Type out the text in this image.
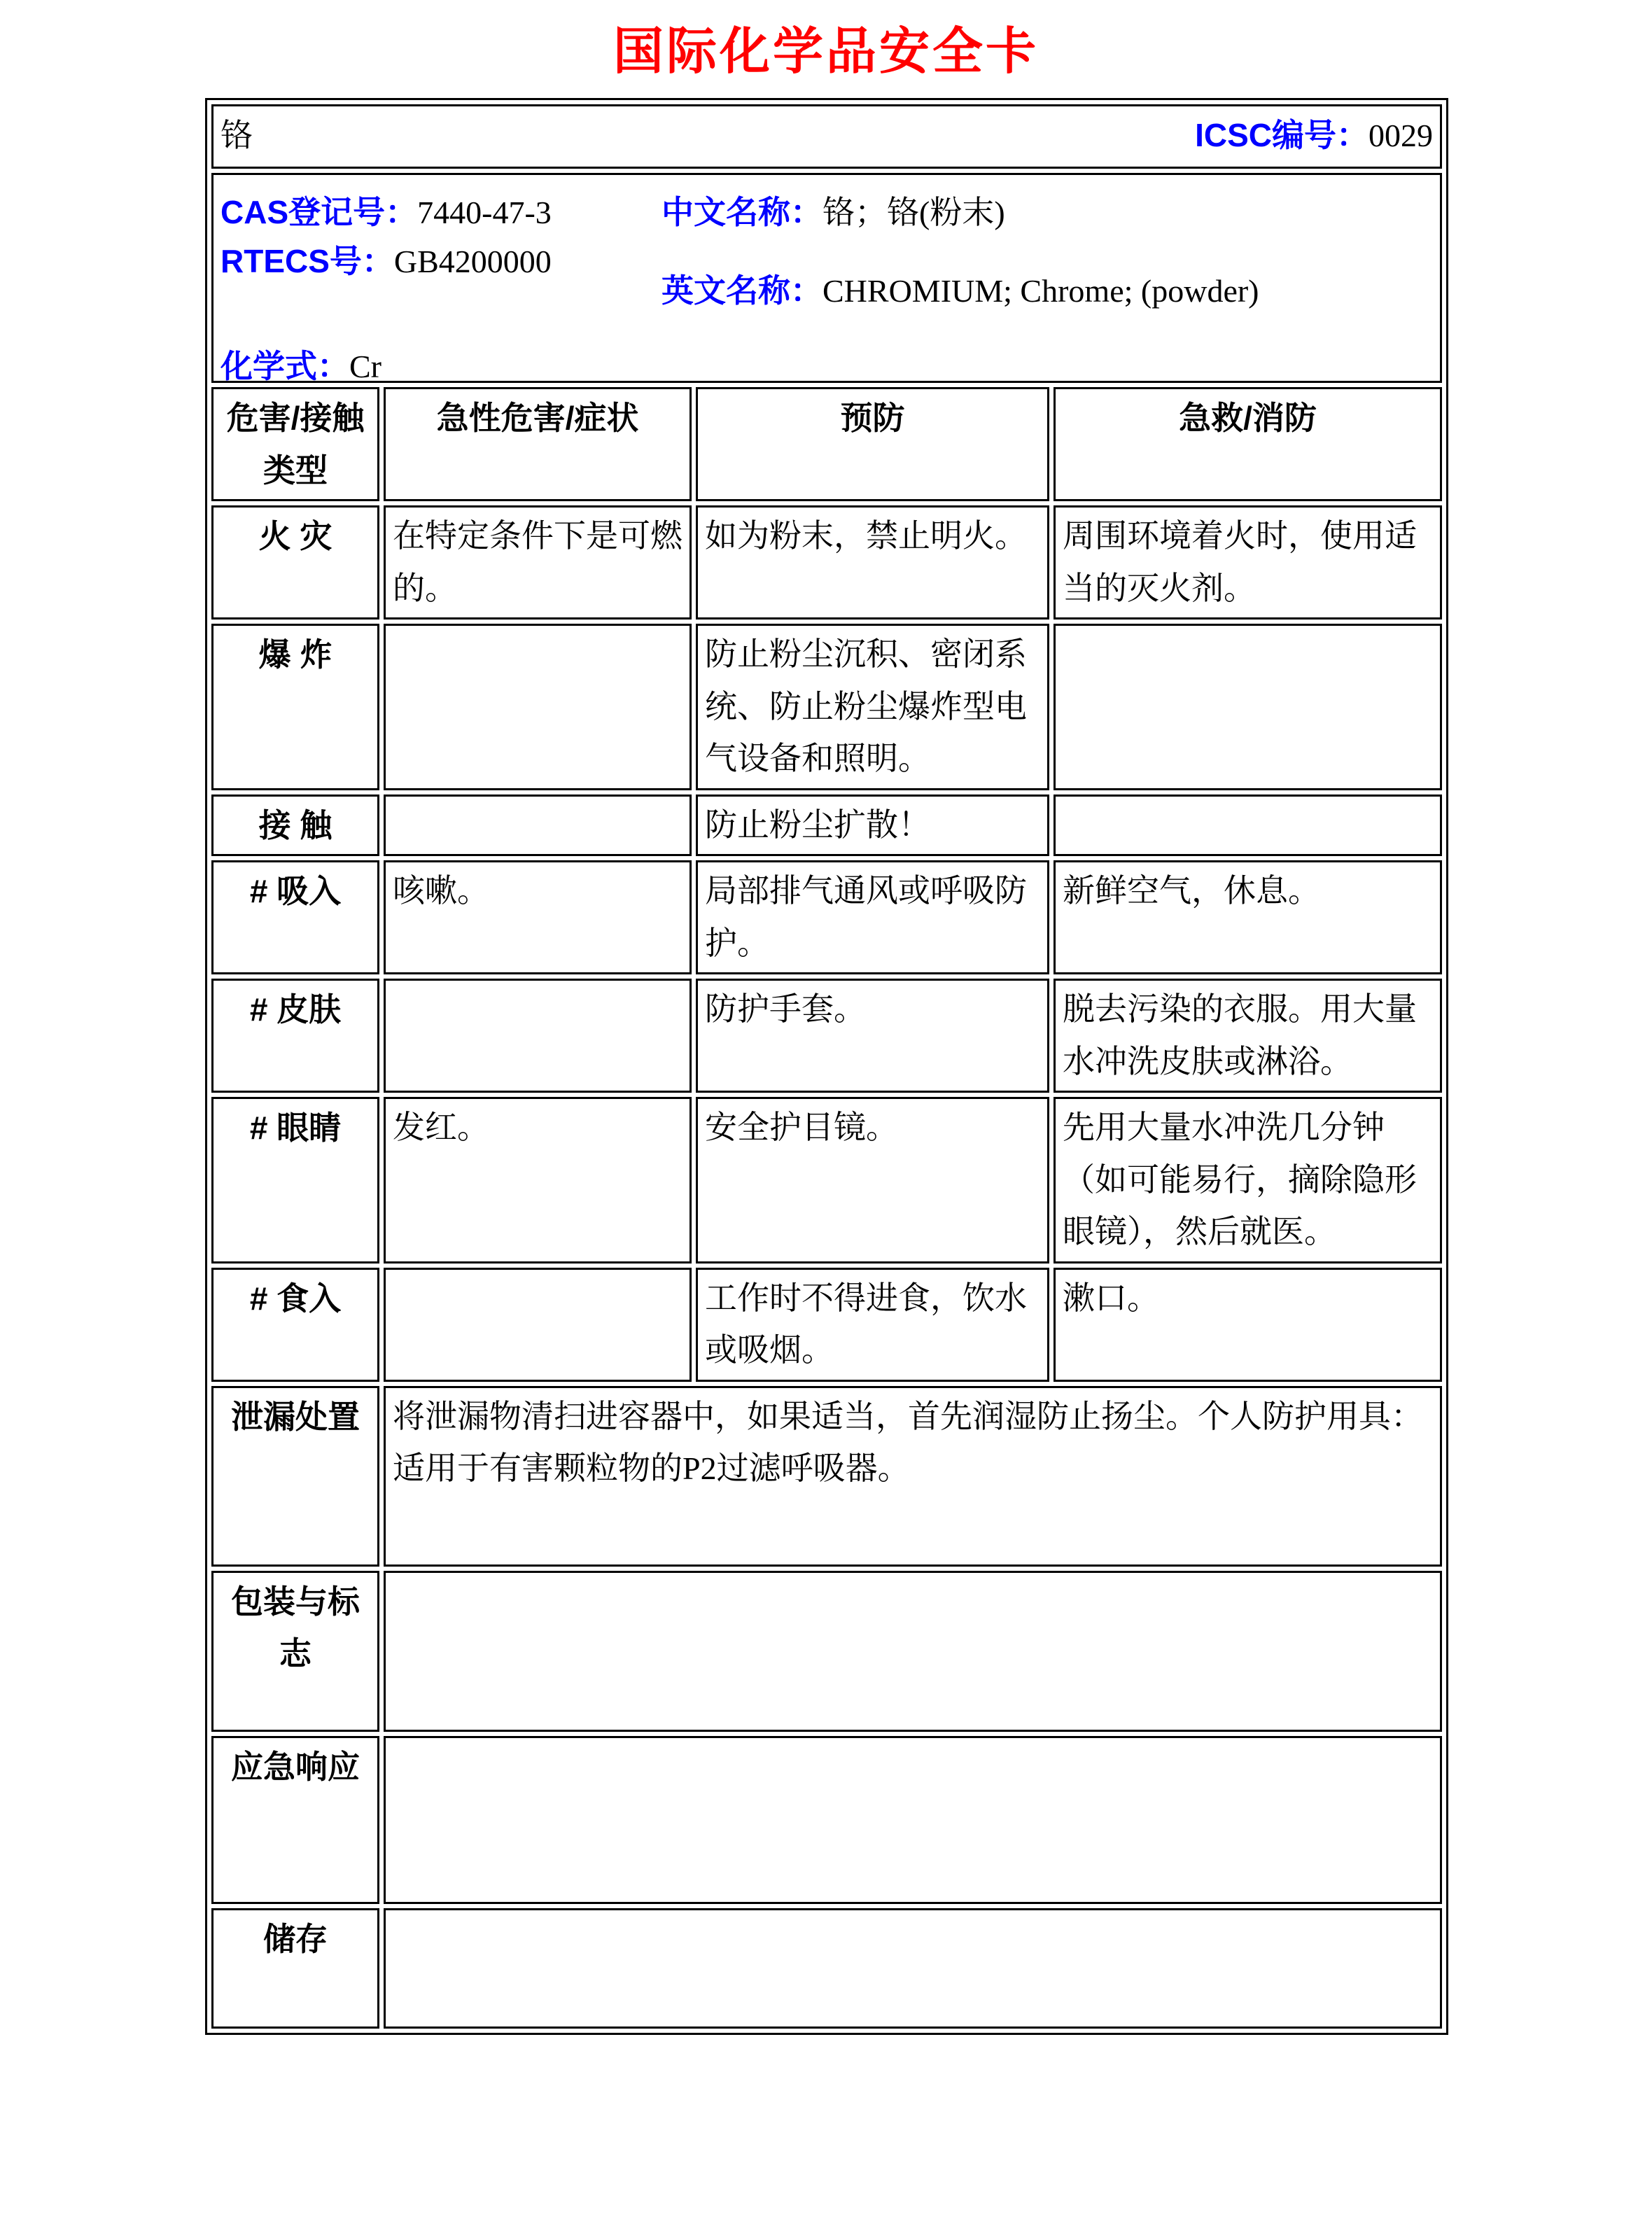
国际化学品安全卡
铬 ICSC编号：0029			

CAS登记号：7440-47-3
RTECS号：GB4200000
中文名称：铬；铬(粉末)
英文名称：CHROMIUM; Chrome; (powder)
化学式：Cr			

危害/接触类型	急性危害/症状	预防	急救/消防
火 灾	在特定条件下是可燃的。	如为粉末，禁止明火。	周围环境着火时，使用适当的灭火剂。
爆 炸		防止粉尘沉积、密闭系统、防止粉尘爆炸型电气设备和照明。	
接 触		防止粉尘扩散！	
# 吸入	咳嗽。	局部排气通风或呼吸防护。	新鲜空气，休息。
# 皮肤		防护手套。	脱去污染的衣服。用大量水冲洗皮肤或淋浴。
# 眼睛	发红。	安全护目镜。	先用大量水冲洗几分钟（如可能易行，摘除隐形眼镜），然后就医。
# 食入		工作时不得进食，饮水或吸烟。	漱口。
泄漏处置	将泄漏物清扫进容器中，如果适当，首先润湿防止扬尘。个人防护用具：适用于有害颗粒物的P2过滤呼吸器。		
包装与标志			
应急响应			
储存			
